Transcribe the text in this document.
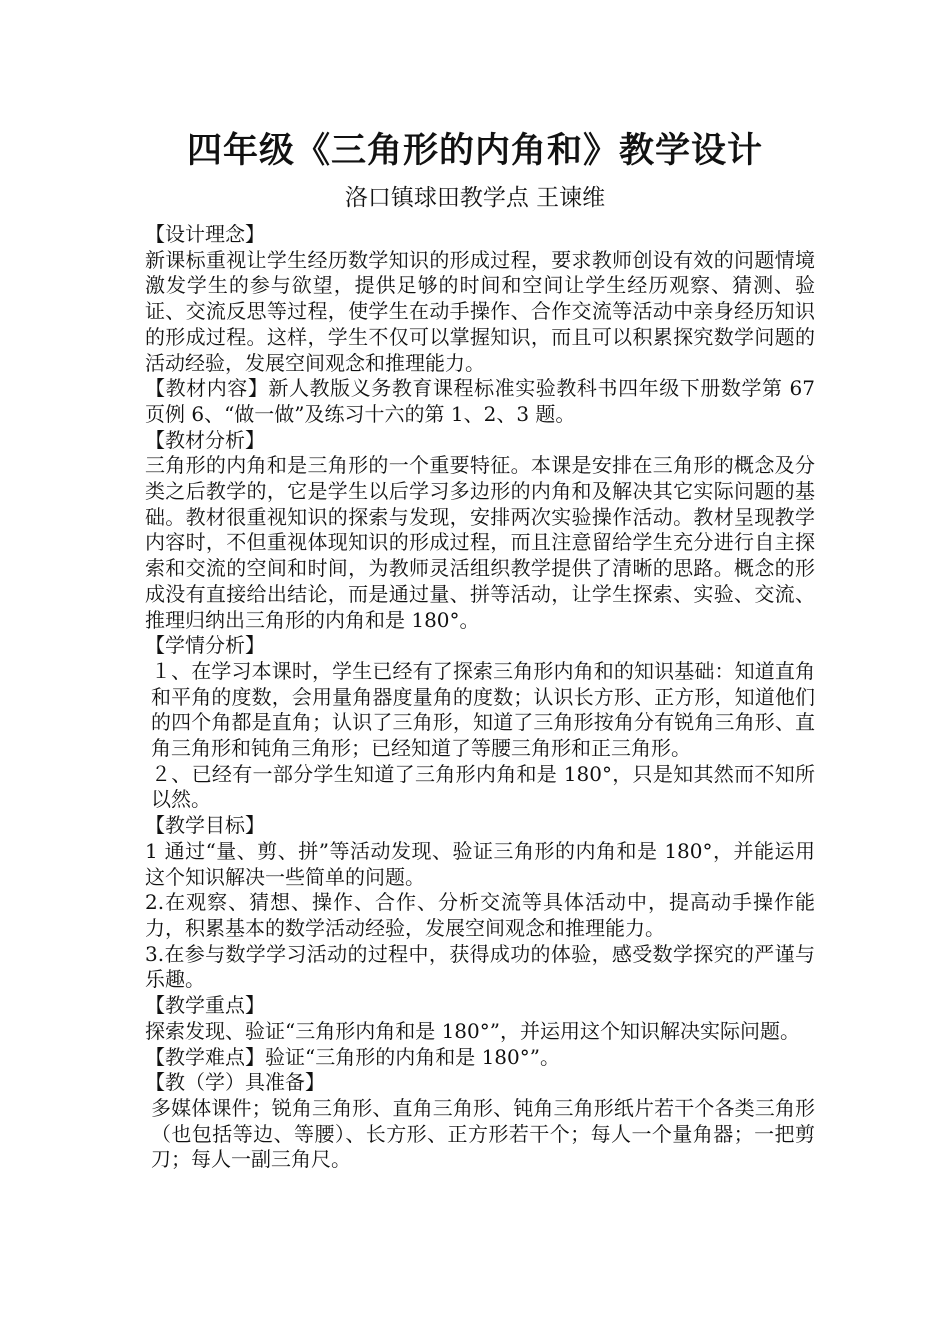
四年级《三角形的内角和》教学设计
洛口镇球田教学点 王谏维

【设计理念】

新课标重视让学生经历数学知识的形成过程，要求教师创设有效的问题情境激发学生的参与欲望，提供足够的时间和空间让学生经历观察、猜测、验证、交流反思等过程，使学生在动手操作、合作交流等活动中亲身经历知识的形成过程。这样，学生不仅可以掌握知识，而且可以积累探究数学问题的活动经验，发展空间观念和推理能力。

【教材内容】新人教版义务教育课程标准实验教科书四年级下册数学第 67 页例 6、“做一做”及练习十六的第 1、2、3 题。

【教材分析】

三角形的内角和是三角形的一个重要特征。本课是安排在三角形的概念及分类之后教学的，它是学生以后学习多边形的内角和及解决其它实际问题的基础。教材很重视知识的探索与发现，安排两次实验操作活动。教材呈现教学内容时，不但重视体现知识的形成过程，而且注意留给学生充分进行自主探索和交流的空间和时间，为教师灵活组织教学提供了清晰的思路。概念的形成没有直接给出结论，而是通过量、拼等活动，让学生探索、实验、交流、推理归纳出三角形的内角和是 180°。

【学情分析】

１、在学习本课时，学生已经有了探索三角形内角和的知识基础：知道直角和平角的度数，会用量角器度量角的度数；认识长方形、正方形，知道他们的四个角都是直角；认识了三角形，知道了三角形按角分有锐角三角形、直角三角形和钝角三角形；已经知道了等腰三角形和正三角形。

２、已经有一部分学生知道了三角形内角和是 180°，只是知其然而不知所以然。

【教学目标】

1 通过“量、剪、拼”等活动发现、验证三角形的内角和是 180°，并能运用这个知识解决一些简单的问题。

2.在观察、猜想、操作、合作、分析交流等具体活动中，提高动手操作能力，积累基本的数学活动经验，发展空间观念和推理能力。

3.在参与数学学习活动的过程中，获得成功的体验，感受数学探究的严谨与乐趣。

【教学重点】

探索发现、验证“三角形内角和是 180°”，并运用这个知识解决实际问题。

【教学难点】验证“三角形的内角和是 180°”。

【教（学）具准备】

多媒体课件；锐角三角形、直角三角形、钝角三角形纸片若干个各类三角形（也包括等边、等腰）、长方形、正方形若干个；每人一个量角器；一把剪刀；每人一副三角尺。
